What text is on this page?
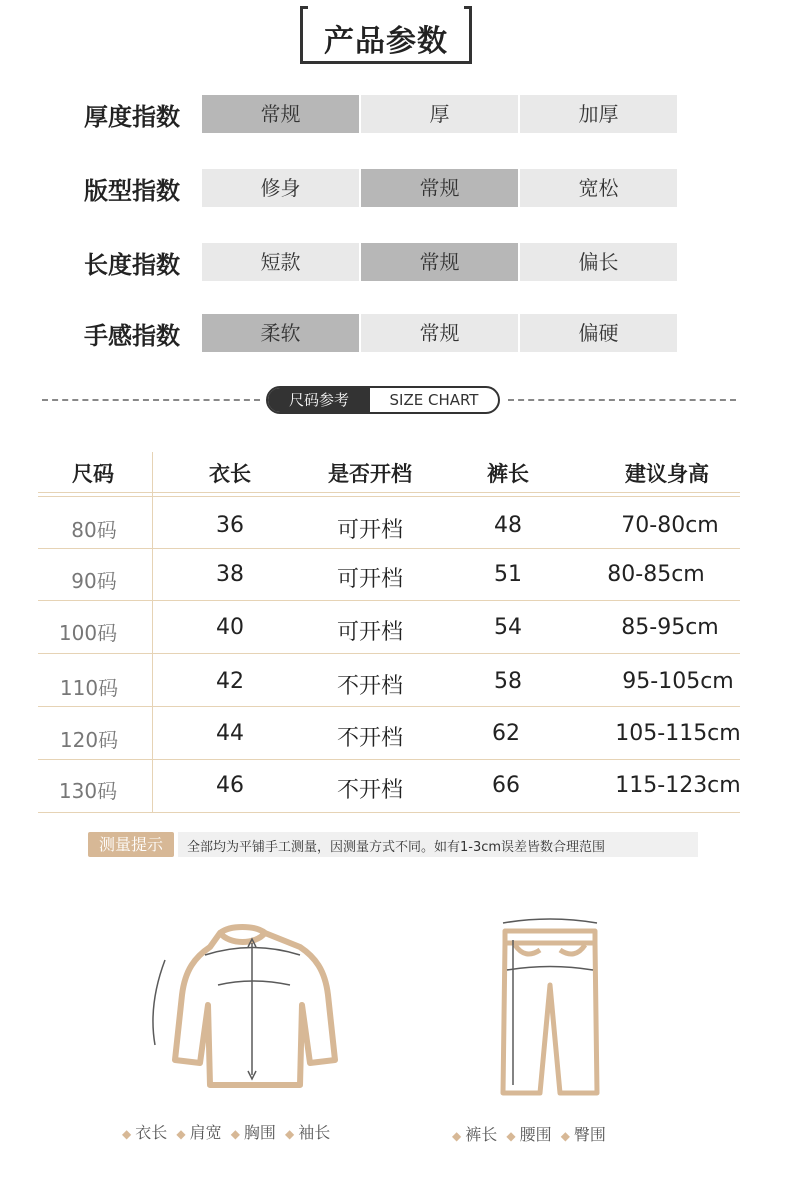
产品参数
厚度指数	常规	厚	加厚
版型指数	修身	常规	宽松
长度指数	短款	常规	偏长
手感指数	柔软	常规	偏硬
尺码参考	SIZE CHART
尺码	衣长	是否开档	裤长	建议身高
80码	36	可开档	48	70-80cm
90码	38	可开档	51	80-85cm
100码	40	可开档	54	85-95cm
110码	42	不开档	58	95-105cm
120码	44	不开档	62	105-115cm
130码	46	不开档	66	115-123cm
测量提示	全部均为平铺手工测量，因测量方式不同。如有1-3cm误差皆数合理范围
◆ 衣长 ◆ 肩宽 ◆ 胸围 ◆ 袖长	◆ 裤长 ◆ 腰围 ◆ 臀围
